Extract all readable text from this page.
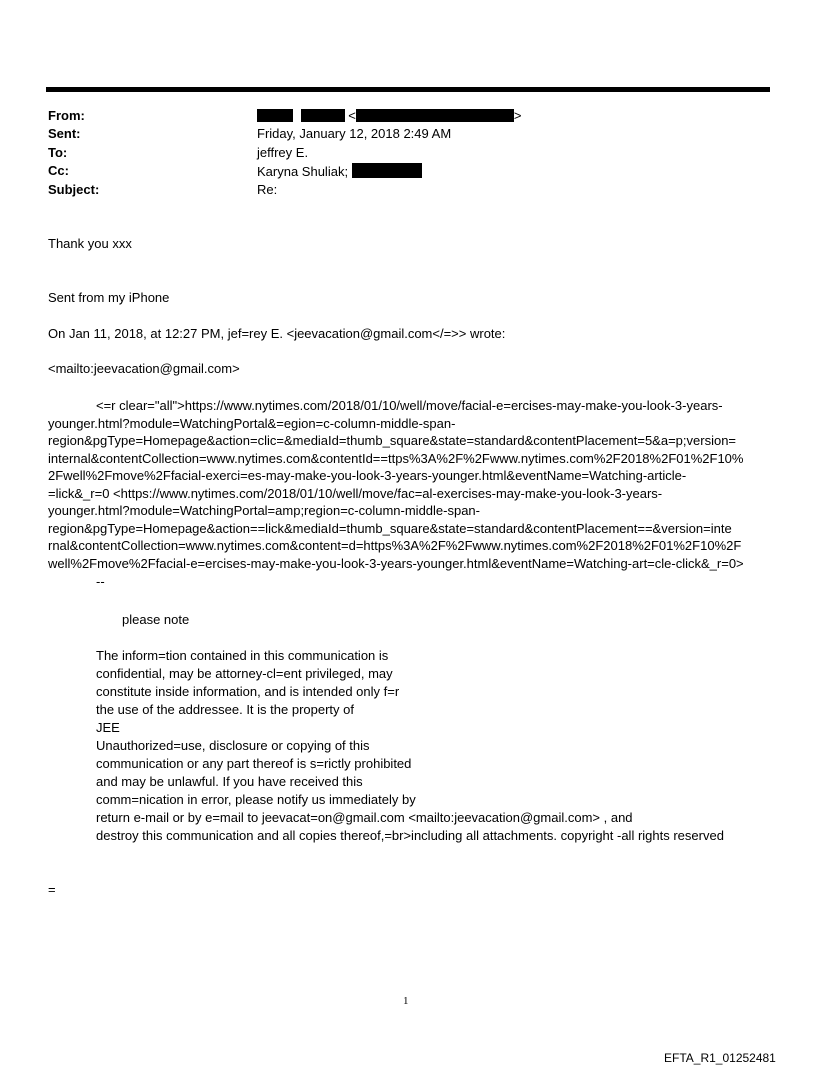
From:
Sent:
To:
Cc:
Subject:
<	>
Friday, January 12, 2018 2:49 AM
jeffrey E.
Karyna Shuliak;
Re:
Thank you xxx
Sent from my iPhone
On Jan 11, 2018, at 12:27 PM, jef=rey E. <jeevacation@gmail.com</=>> wrote:
<mailto:jeevacation@gmail.com>
<=r clear="all">https://www.nytimes.com/2018/01/10/well/move/facial-e=ercises-may-make-you-look-3-years-
younger.html?module=WatchingPortal&=egion=c-column-middle-span-
region&pgType=Homepage&action=clic=&mediaId=thumb_square&state=standard&contentPlacement=5&a=p;version=
internal&contentCollection=www.nytimes.com&contentId==ttps%3A%2F%2Fwww.nytimes.com%2F2018%2F01%2F10%
2Fwell%2Fmove%2Ffacial-exerci=es-may-make-you-look-3-years-younger.html&eventName=Watching-article-
=lick&_r=0 <https://www.nytimes.com/2018/01/10/well/move/fac=al-exercises-may-make-you-look-3-years-
younger.html?module=WatchingPortal=amp;region=c-column-middle-span-
region&pgType=Homepage&action==lick&mediaId=thumb_square&state=standard&contentPlacement==&version=inte
rnal&contentCollection=www.nytimes.com&content=d=https%3A%2F%2Fwww.nytimes.com%2F2018%2F01%2F10%2F
well%2Fmove%2Ffacial-e=ercises-may-make-you-look-3-years-younger.html&eventName=Watching-art=cle-click&_r=0>
--
please note
The inform=tion contained in this communication is
confidential, may be attorney-cl=ent privileged, may
constitute inside information, and is intended only f=r
the use of the addressee. It is the property of
JEE
Unauthorized=use, disclosure or copying of this
communication or any part thereof is s=rictly prohibited
and may be unlawful. If you have received this
comm=nication in error, please notify us immediately by
return e-mail or by e=mail to jeevacat=on@gmail.com <mailto:jeevacation@gmail.com> , and
destroy this communication and all copies thereof,=br>including all attachments. copyright -all rights reserved
=
1
EFTA_R1_01252481
